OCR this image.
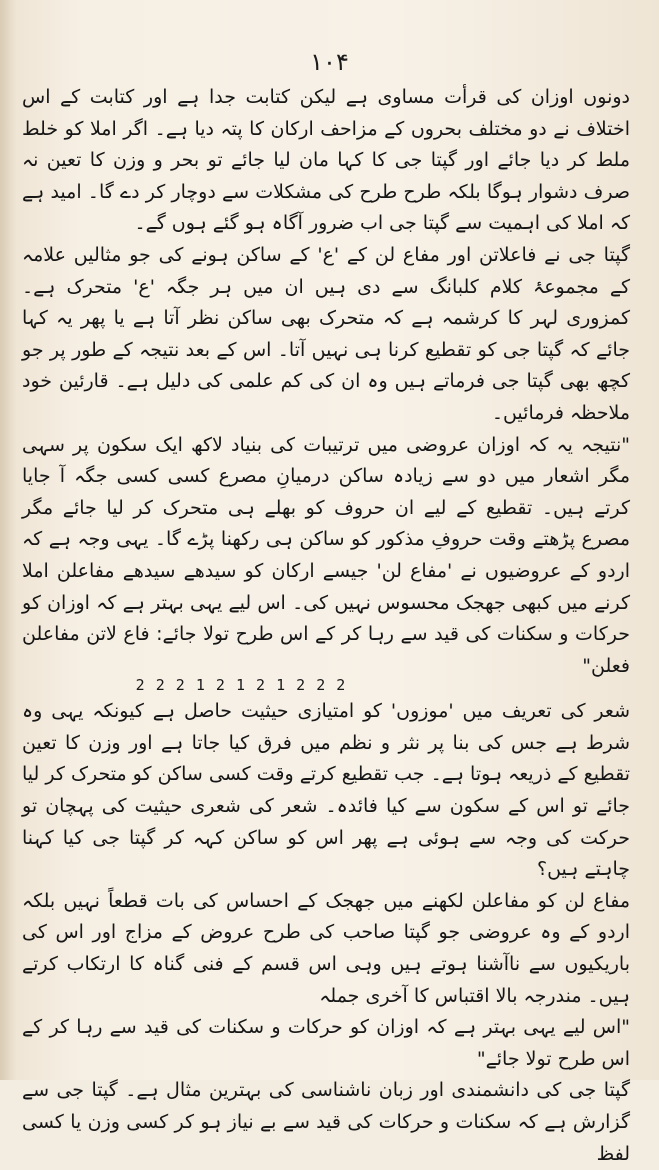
۱۰۴

دونوں اوزان کی قرأت مساوی ہے لیکن کتابت جدا ہے اور کتابت کے اس اختلاف نے دو مختلف بحروں کے مزاحف ارکان کا پتہ دیا ہے۔ اگر املا کو خلط ملط کر دیا جائے اور گپتا جی کا کہا مان لیا جائے تو بحر و وزن کا تعین نہ صرف دشوار ہوگا بلکہ طرح طرح کی مشکلات سے دوچار کر دے گا۔ امید ہے کہ املا کی اہمیت سے گپتا جی اب ضرور آگاہ ہو گئے ہوں گے۔

گپتا جی نے فاعلاتن اور مفاع لن کے 'ع' کے ساکن ہونے کی جو مثالیں علامہ کے مجموعۂ کلام کلبانگ سے دی ہیں ان میں ہر جگہ 'ع' متحرک ہے۔ کمزوری لہر کا کرشمہ ہے کہ متحرک بھی ساکن نظر آتا ہے یا پھر یہ کہا جائے کہ گپتا جی کو تقطیع کرنا ہی نہیں آتا۔ اس کے بعد نتیجہ کے طور پر جو کچھ بھی گپتا جی فرماتے ہیں وہ ان کی کم علمی کی دلیل ہے۔ قارئین خود ملاحظہ فرمائیں۔

"نتیجہ یہ کہ اوزان عروضی میں ترتیبات کی بنیاد لاکھ ایک سکون پر سہی مگر اشعار میں دو سے زیادہ ساکن درمیانِ مصرع کسی کسی جگہ آ جایا کرتے ہیں۔ تقطیع کے لیے ان حروف کو بھلے ہی متحرک کر لیا جائے مگر مصرع پڑھتے وقت حروفِ مذکور کو ساکن ہی رکھنا پڑے گا۔ یہی وجہ ہے کہ اردو کے عروضیوں نے 'مفاع لن' جیسے ارکان کو سیدھے سیدھے مفاعلن املا کرنے میں کبھی جھجک محسوس نہیں کی۔ اس لیے یہی بہتر ہے کہ اوزان کو حرکات و سکنات کی قید سے رہا کر کے اس طرح تولا جائے: فاع لاتن مفاعلن فعلن"

2 2 2 1 2 1 2 1 2 2 2

شعر کی تعریف میں 'موزوں' کو امتیازی حیثیت حاصل ہے کیونکہ یہی وہ شرط ہے جس کی بنا پر نثر و نظم میں فرق کیا جاتا ہے اور وزن کا تعین تقطیع کے ذریعہ ہوتا ہے۔ جب تقطیع کرتے وقت کسی ساکن کو متحرک کر لیا جائے تو اس کے سکون سے کیا فائدہ۔ شعر کی شعری حیثیت کی پہچان تو حرکت کی وجہ سے ہوئی ہے پھر اس کو ساکن کہہ کر گپتا جی کیا کہنا چاہتے ہیں؟

مفاع لن کو مفاعلن لکھنے میں جھجک کے احساس کی بات قطعاً نہیں بلکہ اردو کے وہ عروضی جو گپتا صاحب کی طرح عروض کے مزاج اور اس کی باریکیوں سے ناآشنا ہوتے ہیں وہی اس قسم کے فنی گناہ کا ارتکاب کرتے ہیں۔ مندرجہ بالا اقتباس کا آخری جملہ

"اس لیے یہی بہتر ہے کہ اوزان کو حرکات و سکنات کی قید سے رہا کر کے اس طرح تولا جائے"

گپتا جی کی دانشمندی اور زبان ناشناسی کی بہترین مثال ہے۔ گپتا جی سے گزارش ہے کہ سکنات و حرکات کی قید سے بے نیاز ہو کر کسی وزن یا کسی لفظ
